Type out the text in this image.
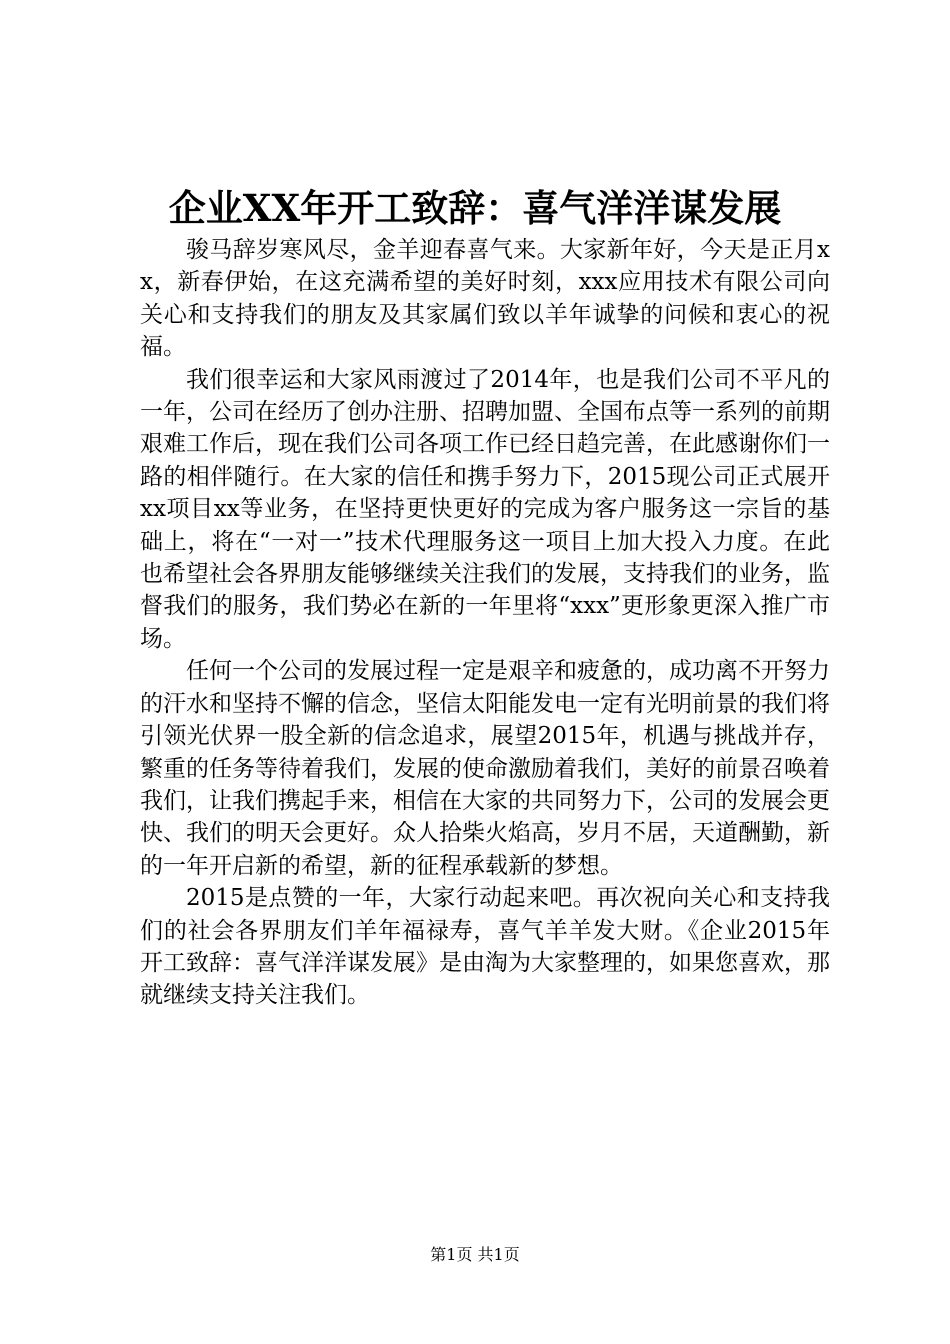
企业XX年开工致辞：喜气洋洋谋发展

骏马辞岁寒风尽，金羊迎春喜气来。大家新年好，今天是正月xx，新春伊始，在这充满希望的美好时刻，xxx应用技术有限公司向关心和支持我们的朋友及其家属们致以羊年诚挚的问候和衷心的祝福。

我们很幸运和大家风雨渡过了2014年，也是我们公司不平凡的一年，公司在经历了创办注册、招聘加盟、全国布点等一系列的前期艰难工作后，现在我们公司各项工作已经日趋完善，在此感谢你们一路的相伴随行。在大家的信任和携手努力下，2015现公司正式展开xx项目xx等业务，在坚持更快更好的完成为客户服务这一宗旨的基础上，将在“一对一”技术代理服务这一项目上加大投入力度。在此也希望社会各界朋友能够继续关注我们的发展，支持我们的业务，监督我们的服务，我们势必在新的一年里将“xxx”更形象更深入推广市场。

任何一个公司的发展过程一定是艰辛和疲惫的，成功离不开努力的汗水和坚持不懈的信念，坚信太阳能发电一定有光明前景的我们将引领光伏界一股全新的信念追求，展望2015年，机遇与挑战并存，繁重的任务等待着我们，发展的使命激励着我们，美好的前景召唤着我们，让我们携起手来，相信在大家的共同努力下，公司的发展会更快、我们的明天会更好。众人拾柴火焰高，岁月不居，天道酬勤，新的一年开启新的希望，新的征程承载新的梦想。

2015是点赞的一年，大家行动起来吧。再次祝向关心和支持我们的社会各界朋友们羊年福禄寿，喜气羊羊发大财。《企业2015年开工致辞：喜气洋洋谋发展》是由淘为大家整理的，如果您喜欢，那就继续支持关注我们。

第1页 共1页
